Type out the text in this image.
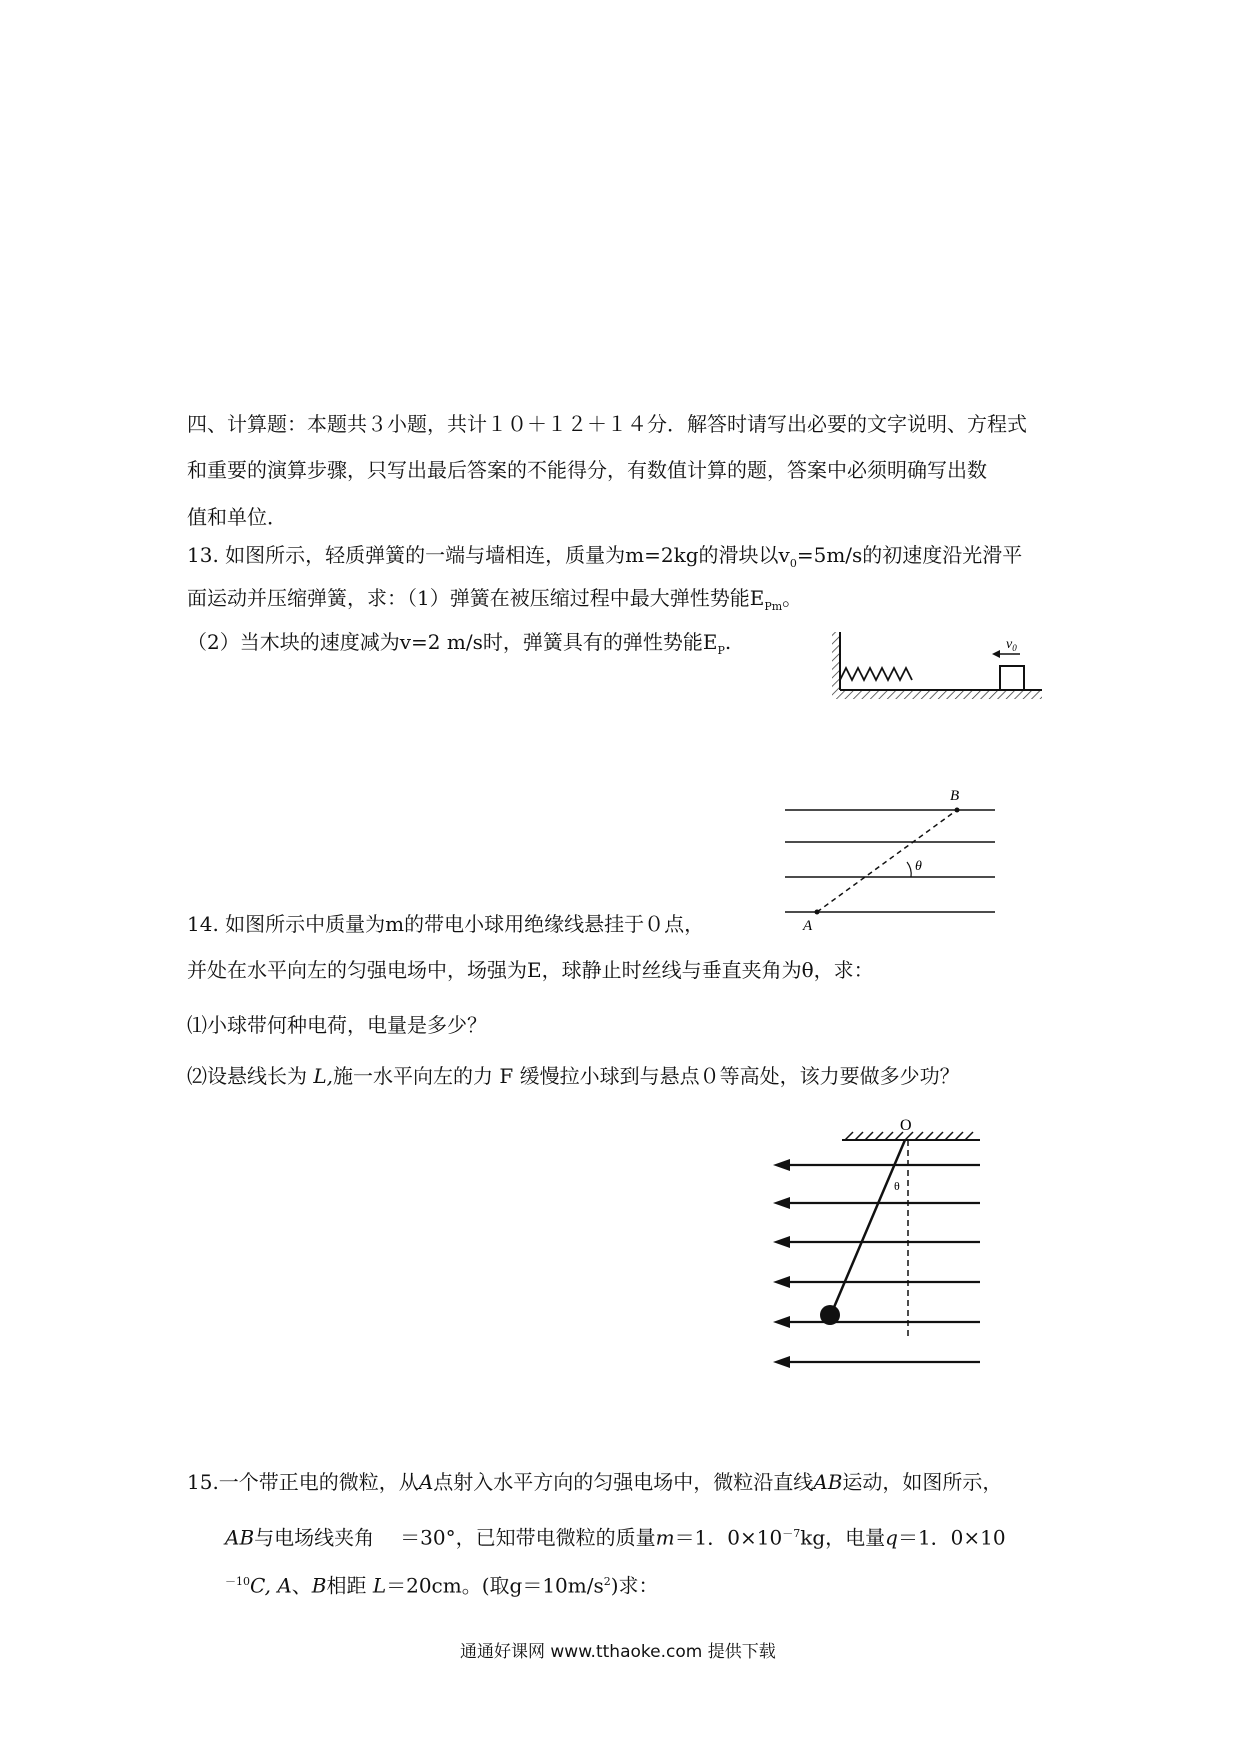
四、计算题：本题共３小题，共计１０＋１２＋１４分．解答时请写出必要的文字说明、方程式
和重要的演算步骤，只写出最后答案的不能得分，有数值计算的题，答案中必须明确写出数
值和单位．
13. 如图所示，轻质弹簧的一端与墙相连，质量为m=2kg的滑块以$v_0=5m/s$的初速度沿光滑平
面运动并压缩弹簧，求：（1）弹簧在被压缩过程中最大弹性势能$E_{Pm}$。
（2）当木块的速度减为v=2 m/s时，弹簧具有的弹性势能$E_P$.	$v_0$
A
B
θ
14. 如图所示中质量为m的带电小球用绝缘线悬挂于０点，
并处在水平向左的匀强电场中，场强为E，球静止时丝线与垂直夹角为θ，求：
⑴小球带何种电荷，电量是多少？
⑵设悬线长为 L,施一水平向左的力 F 缓慢拉小球到与悬点０等高处，该力要做多少功？
O
θ
15.一个带正电的微粒，从A点射入水平方向的匀强电场中，微粒沿直线AB运动，如图所示，
AB与电场线夹角 ＝30°，已知带电微粒的质量m＝1．$0\times 10^{-7}kg$，电量q＝1．0×10
$^{-10}$C, A、B相距 L＝20cm。(取$g=10m/s^2$)求：
通通好课网 www.tthaoke.com 提供下载
